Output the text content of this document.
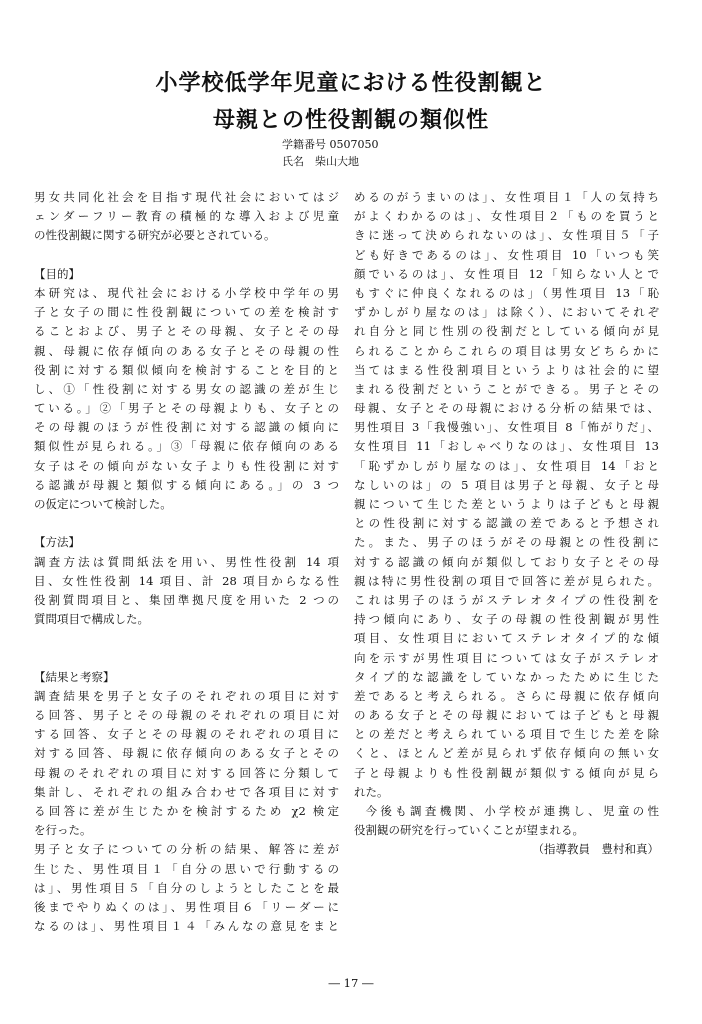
小学校低学年児童における性役割観と
母親との性役割観の類似性

学籍番号 0507050

氏名　柴山大地

男女共同化社会を目指す現代社会においてはジ
ェンダーフリー教育の積極的な導入および児童
の性役割観に関する研究が必要とされている。
【目的】
本研究は、現代社会における小学校中学年の男
子と女子の間に性役割観についての差を検討す
ることおよび、男子とその母親、女子とその母
親、母親に依存傾向のある女子とその母親の性
役割に対する類似傾向を検討することを目的と
し、①「性役割に対する男女の認識の差が生じ
ている。」②「男子とその母親よりも、女子との
その母親のほうが性役割に対する認識の傾向に
類似性が見られる。」③「母親に依存傾向のある
女子はその傾向がない女子よりも性役割に対す
る認識が母親と類似する傾向にある。」の 3 つ
の仮定について検討した。
【方法】
調査方法は質問紙法を用い、男性性役割 14 項
目、女性性役割 14 項目、計 28 項目からなる性
役割質問項目と、集団準拠尺度を用いた 2 つの
質問項目で構成した。
【結果と考察】
調査結果を男子と女子のそれぞれの項目に対す
る回答、男子とその母親のそれぞれの項目に対
する回答、女子とその母親のそれぞれの項目に
対する回答、母親に依存傾向のある女子とその
母親のそれぞれの項目に対する回答に分類して
集計し、それぞれの組み合わせで各項目に対す
る回答に差が生じたかを検討するため χ2 検定
を行った。
男子と女子についての分析の結果、解答に差が
生じた、男性項目１「自分の思いで行動するの
は」、男性項目５「自分のしようとしたことを最
後までやりぬくのは」、男性項目６「リーダーに
なるのは」、男性項目１４「みんなの意見をまと
めるのがうまいのは」、女性項目１「人の気持ち
がよくわかるのは」、女性項目２「ものを買うと
きに迷って決められないのは」、女性項目５「子
ども好きであるのは」、女性項目 10「いつも笑
顔でいるのは」、女性項目 12「知らない人とで
もすぐに仲良くなれるのは」（男性項目 13「恥
ずかしがり屋なのは」は除く）、においてそれぞ
れ自分と同じ性別の役割だとしている傾向が見
られることからこれらの項目は男女どちらかに
当てはまる性役割項目というよりは社会的に望
まれる役割だということができる。男子とその
母親、女子とその母親における分析の結果では、
男性項目 3「我慢強い」、女性項目 8「怖がりだ」、
女性項目 11「おしゃべりなのは」、女性項目 13
「恥ずかしがり屋なのは」、女性項目 14「おと
なしいのは」の 5 項目は男子と母親、女子と母
親について生じた差というよりは子どもと母親
との性役割に対する認識の差であると予想され
た。また、男子のほうがその母親との性役割に
対する認識の傾向が類似しており女子とその母
親は特に男性役割の項目で回答に差が見られた。
これは男子のほうがステレオタイプの性役割を
持つ傾向にあり、女子の母親の性役割観が男性
項目、女性項目においてステレオタイプ的な傾
向を示すが男性項目については女子がステレオ
タイプ的な認識をしていなかったために生じた
差であると考えられる。さらに母親に依存傾向
のある女子とその母親においては子どもと母親
との差だと考えられている項目で生じた差を除
くと、ほとんど差が見られず依存傾向の無い女
子と母親よりも性役割観が類似する傾向が見ら
れた。
今後も調査機関、小学校が連携し、児童の性
役割観の研究を行っていくことが望まれる。
（指導教員　豊村和真）
― 17 ―
